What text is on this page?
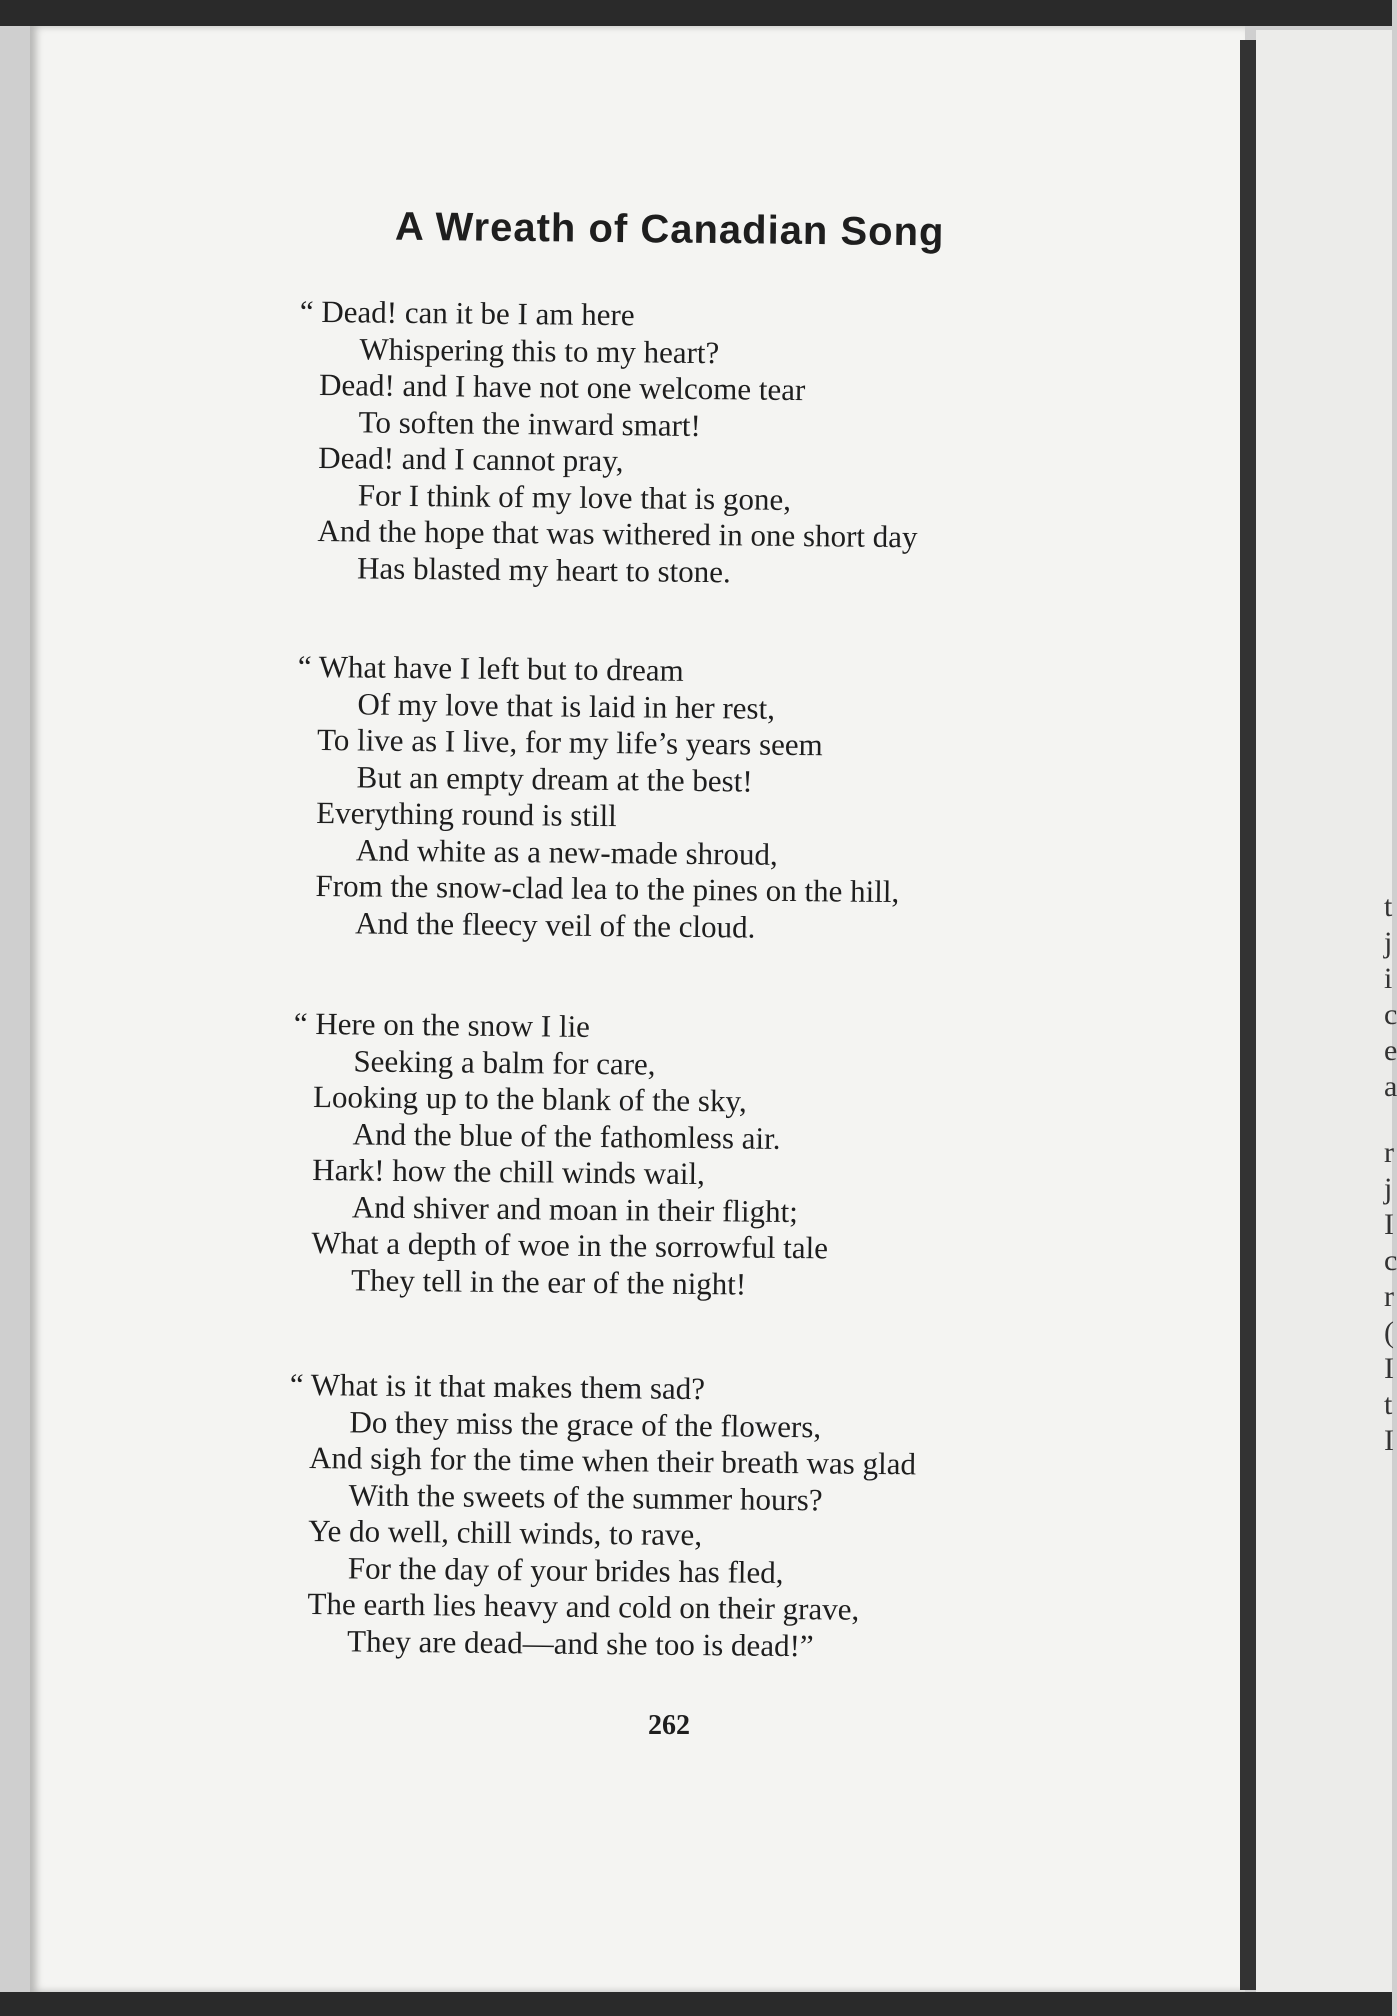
A Wreath of Canadian Song
“ Dead! can it be I am here
Whispering this to my heart?
Dead! and I have not one welcome tear
To soften the inward smart!
Dead! and I cannot pray,
For I think of my love that is gone,
And the hope that was withered in one short day
Has blasted my heart to stone.
“ What have I left but to dream
Of my love that is laid in her rest,
To live as I live, for my life’s years seem
But an empty dream at the best!
Everything round is still
And white as a new-made shroud,
From the snow-clad lea to the pines on the hill,
And the fleecy veil of the cloud.
“ Here on the snow I lie
Seeking a balm for care,
Looking up to the blank of the sky,
And the blue of the fathomless air.
Hark! how the chill winds wail,
And shiver and moan in their flight;
What a depth of woe in the sorrowful tale
They tell in the ear of the night!
“ What is it that makes them sad?
Do they miss the grace of the flowers,
And sigh for the time when their breath was glad
With the sweets of the summer hours?
Ye do well, chill winds, to rave,
For the day of your brides has fled,
The earth lies heavy and cold on their grave,
They are dead—and she too is dead!”
262
t
j
i
c
e
a
r
j
I
c
r
(
I
t
I
